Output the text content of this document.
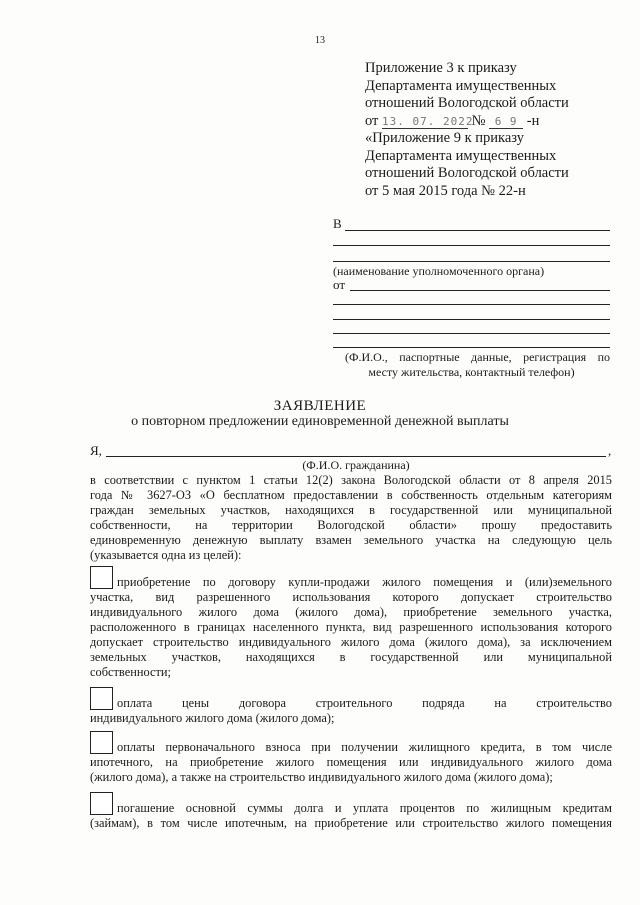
13
Приложение 3 к приказу
Департамента имущественных
отношений Вологодской области
от 13. 07. 2022 № 6 9 -н
«Приложение 9 к приказу
Департамента имущественных
отношений Вологодской области
от 5 мая 2015 года № 22-н
В
(наименование уполномоченного органа)
от
(Ф.И.О., паспортные данные, регистрация по
месту жительства, контактный телефон)
ЗАЯВЛЕНИЕ
о повторном предложении единовременной денежной выплаты
Я,	,
(Ф.И.О. гражданина)
в соответствии с пунктом 1 статьи 12(2) закона Вологодской области от 8 апреля 2015
года № 3627-ОЗ «О бесплатном предоставлении в собственность отдельным категориям
граждан земельных участков, находящихся в государственной или муниципальной
собственности, на территории Вологодской области» прошу предоставить
единовременную денежную выплату взамен земельного участка на следующую цель
(указывается одна из целей):
приобретение по договору купли-продажи жилого помещения и (или)земельного
участка, вид разрешенного использования которого допускает строительство
индивидуального жилого дома (жилого дома), приобретение земельного участка,
расположенного в границах населенного пункта, вид разрешенного использования которого
допускает строительство индивидуального жилого дома (жилого дома), за исключением
земельных участков, находящихся в государственной или муниципальной
собственности;
оплата цены договора строительного подряда на строительство
индивидуального жилого дома (жилого дома);
оплаты первоначального взноса при получении жилищного кредита, в том числе
ипотечного, на приобретение жилого помещения или индивидуального жилого дома
(жилого дома), а также на строительство индивидуального жилого дома (жилого дома);
погашение основной суммы долга и уплата процентов по жилищным кредитам
(займам), в том числе ипотечным, на приобретение или строительство жилого помещения
